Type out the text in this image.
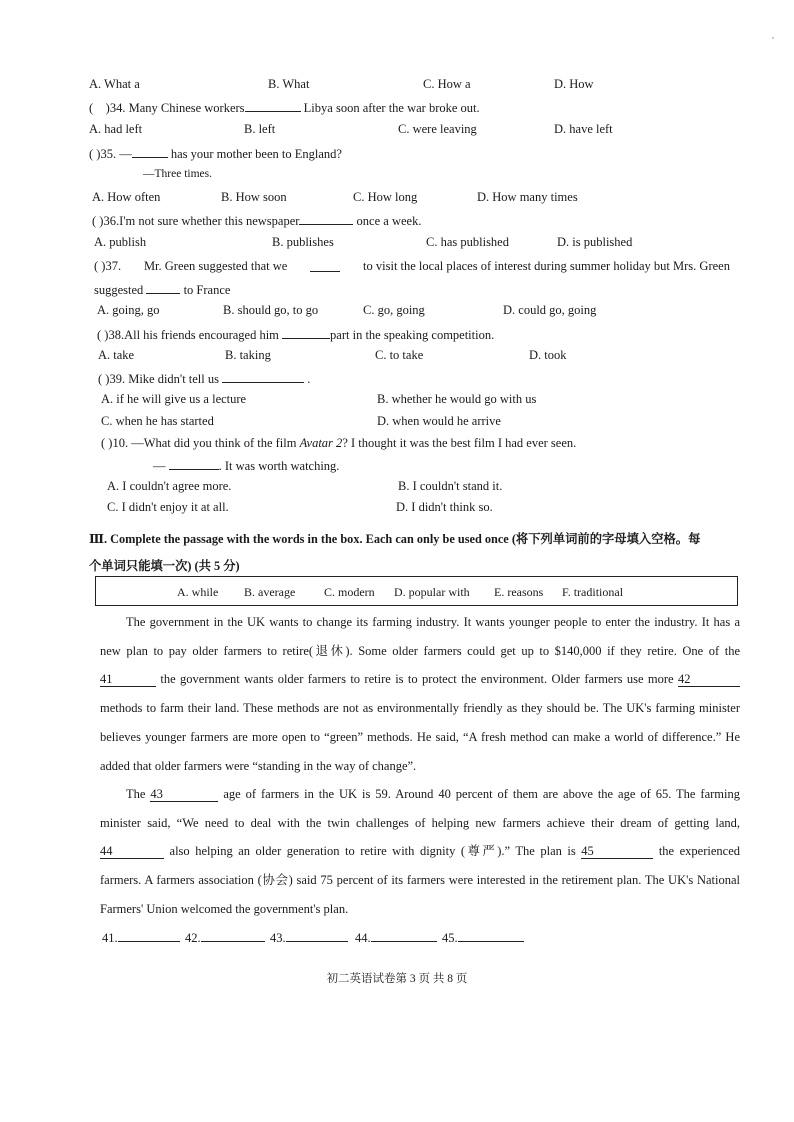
A. What a	B. What	C. How a	D. How
(    )34. Many Chinese workers	Libya soon after the war broke out.
A. had left	B. left	C. were leaving	D. have left
( )35. —	has your mother been to England?
—Three times.
A. How often	B. How soon	C. How long	D. How many times
( )36.I'm not sure whether this newspaper	once a week.
A. publish	B. publishes	C. has published	D. is published
( )37. Mr. Green suggested that we	to visit the local places of interest during summer holiday but Mrs. Green
suggested	to France
A. going, go	B. should go, to go	C. go, going	D. could go, going
( )38.All his friends encouraged him	part in the speaking competition.
A. take	B. taking	C. to take	D. took
( )39. Mike didn't tell us	.
A. if he will give us a lecture	B. whether he would go with us
C. when he has started	D. when would he arrive
( )10. —What did you think of the film Avatar 2? I thought it was the best film I had ever seen.
—	. It was worth watching.
A. I couldn't agree more.	B. I couldn't stand it.
C. I didn't enjoy it at all.	D. I didn't think so.
Ⅲ. Complete the passage with the words in the box. Each can only be used once (将下列单词前的字母填入空格。每
个单词只能填一次) (共 5 分)
A. while B. average C. modern D. popular with E. reasons F. traditional
The government in the UK wants to change its farming industry. It wants younger people to enter the industry. It has a
new plan to pay older farmers to retire(退休). Some older farmers could get up to $140,000 if they retire. One of the
41	the government wants older farmers to retire is to protect the environment. Older farmers use more 42
methods to farm their land. These methods are not as environmentally friendly as they should be. The UK's farming minister
believes younger farmers are more open to “green” methods. He said, “A fresh method can make a world of difference.” He
added that older farmers were “standing in the way of change”.
The 43	age of farmers in the UK is 59. Around 40 percent of them are above the age of 65. The farming
minister said, “We need to deal with the twin challenges of helping new farmers achieve their dream of getting land,
44	also helping an older generation to retire with dignity (尊严).” The plan is 45	the experienced
farmers. A farmers association (协会) said 75 percent of its farmers were interested in the retirement plan. The UK's National
Farmers' Union welcomed the government's plan.
41.	42.	43.	44.	45.
初二英语试卷第 3 页 共 8 页
